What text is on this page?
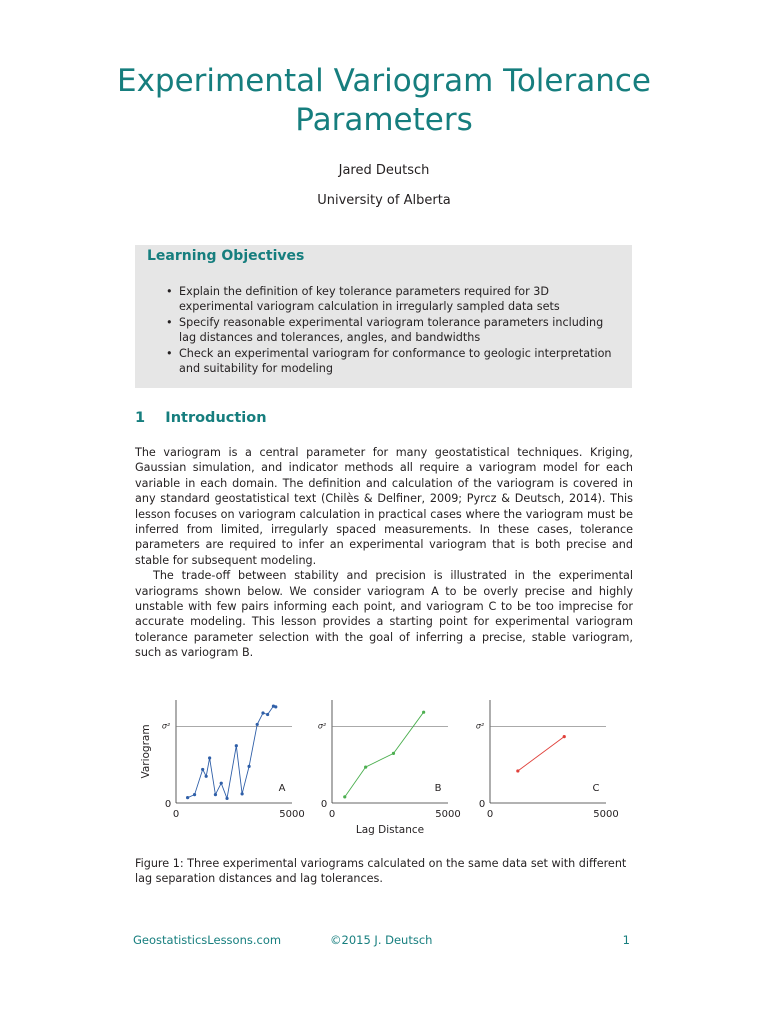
Experimental Variogram Tolerance Parameters

Jared Deutsch

University of Alberta

Learning Objectives
• Explain the definition of key tolerance parameters required for 3D experimental variogram calculation in irregularly sampled data sets
• Specify reasonable experimental variogram tolerance parameters including lag distances and tolerances, angles, and bandwidths
• Check an experimental variogram for conformance to geologic interpretation and suitability for modeling
1 Introduction

The variogram is a central parameter for many geostatistical techniques. Kriging, Gaussian simulation, and indicator methods all require a variogram model for each variable in each domain. The definition and calculation of the variogram is covered in any standard geostatistical text (Chilès & Delfiner, 2009; Pyrcz & Deutsch, 2014). This lesson focuses on variogram calculation in practical cases where the variogram must be inferred from limited, irregularly spaced measurements. In these cases, tolerance parameters are required to infer an experimental variogram that is both precise and stable for subsequent modeling.

The trade-off between stability and precision is illustrated in the experimental variograms shown below. We consider variogram A to be overly precise and highly unstable with few pairs informing each point, and variogram C to be too imprecise for accurate modeling. This lesson provides a starting point for experimental variogram tolerance parameter selection with the goal of inferring a precise, stable variogram, such as variogram B.

σ²
0
0	5000
A
Variogram	σ²
0
0	5000
B
Lag Distance
σ²
0
0	5000
C

Figure 1: Three experimental variograms calculated on the same data set with different lag separation distances and lag tolerances.

GeostatisticsLessons.com	©2015 J. Deutsch	1
